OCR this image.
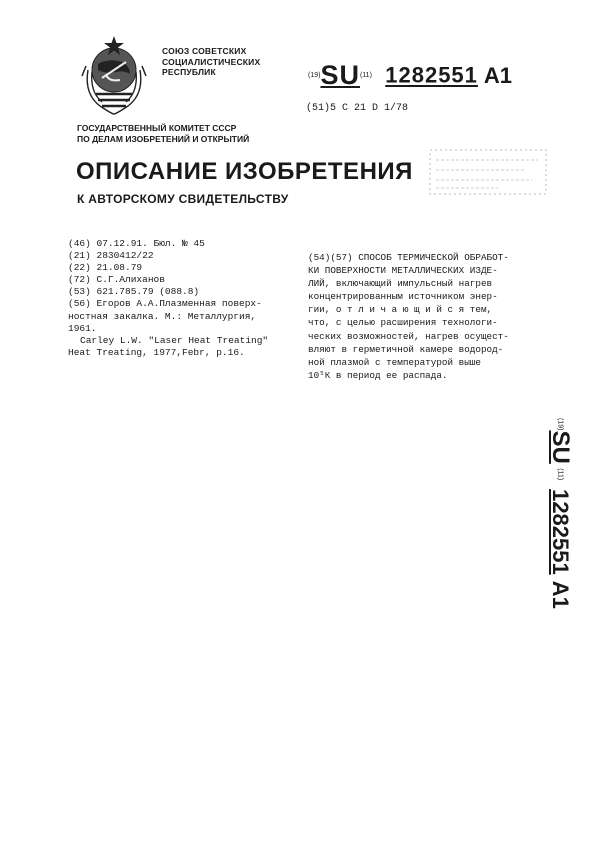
СОЮЗ СОВЕТСКИХ
СОЦИАЛИСТИЧЕСКИХ
РЕСПУБЛИК	(19)SU(11) 1282551 A1
(51)5 C 21 D 1/78
ГОСУДАРСТВЕННЫЙ КОМИТЕТ СССР
ПО ДЕЛАМ ИЗОБРЕТЕНИЙ И ОТКРЫТИЙ
ОПИСАНИЕ ИЗОБРЕТЕНИЯ
К АВТОРСКОМУ СВИДЕТЕЛЬСТВУ
(46) 07.12.91. Бюл. № 45
(21) 2830412/22
(22) 21.08.79
(72) С.Г.Алиханов
(53) 621.785.79 (088.8)
(56) Егоров А.А.Плазменная поверх-
ностная закалка. М.: Металлургия,
1961.
Carley L.W. "Laser Heat Treating"
Heat Treating, 1977,Febr, p.16.
(54)(57) СПОСОБ ТЕРМИЧЕСКОЙ ОБРАБОТ-
КИ ПОВЕРХНОСТИ МЕТАЛЛИЧЕСКИХ ИЗДЕ-
ЛИЙ, включающий импульсный нагрев
концентрированным источником энер-
гии, о т л и ч а ю щ и й с я тем,
что, с целью расширения технологи-
ческих возможностей, нагрев осущест-
вляют в герметичной камере водород-
ной плазмой с температурой выше
10⁵К в период ее распада.
(19)SU (11)  1282551A1
